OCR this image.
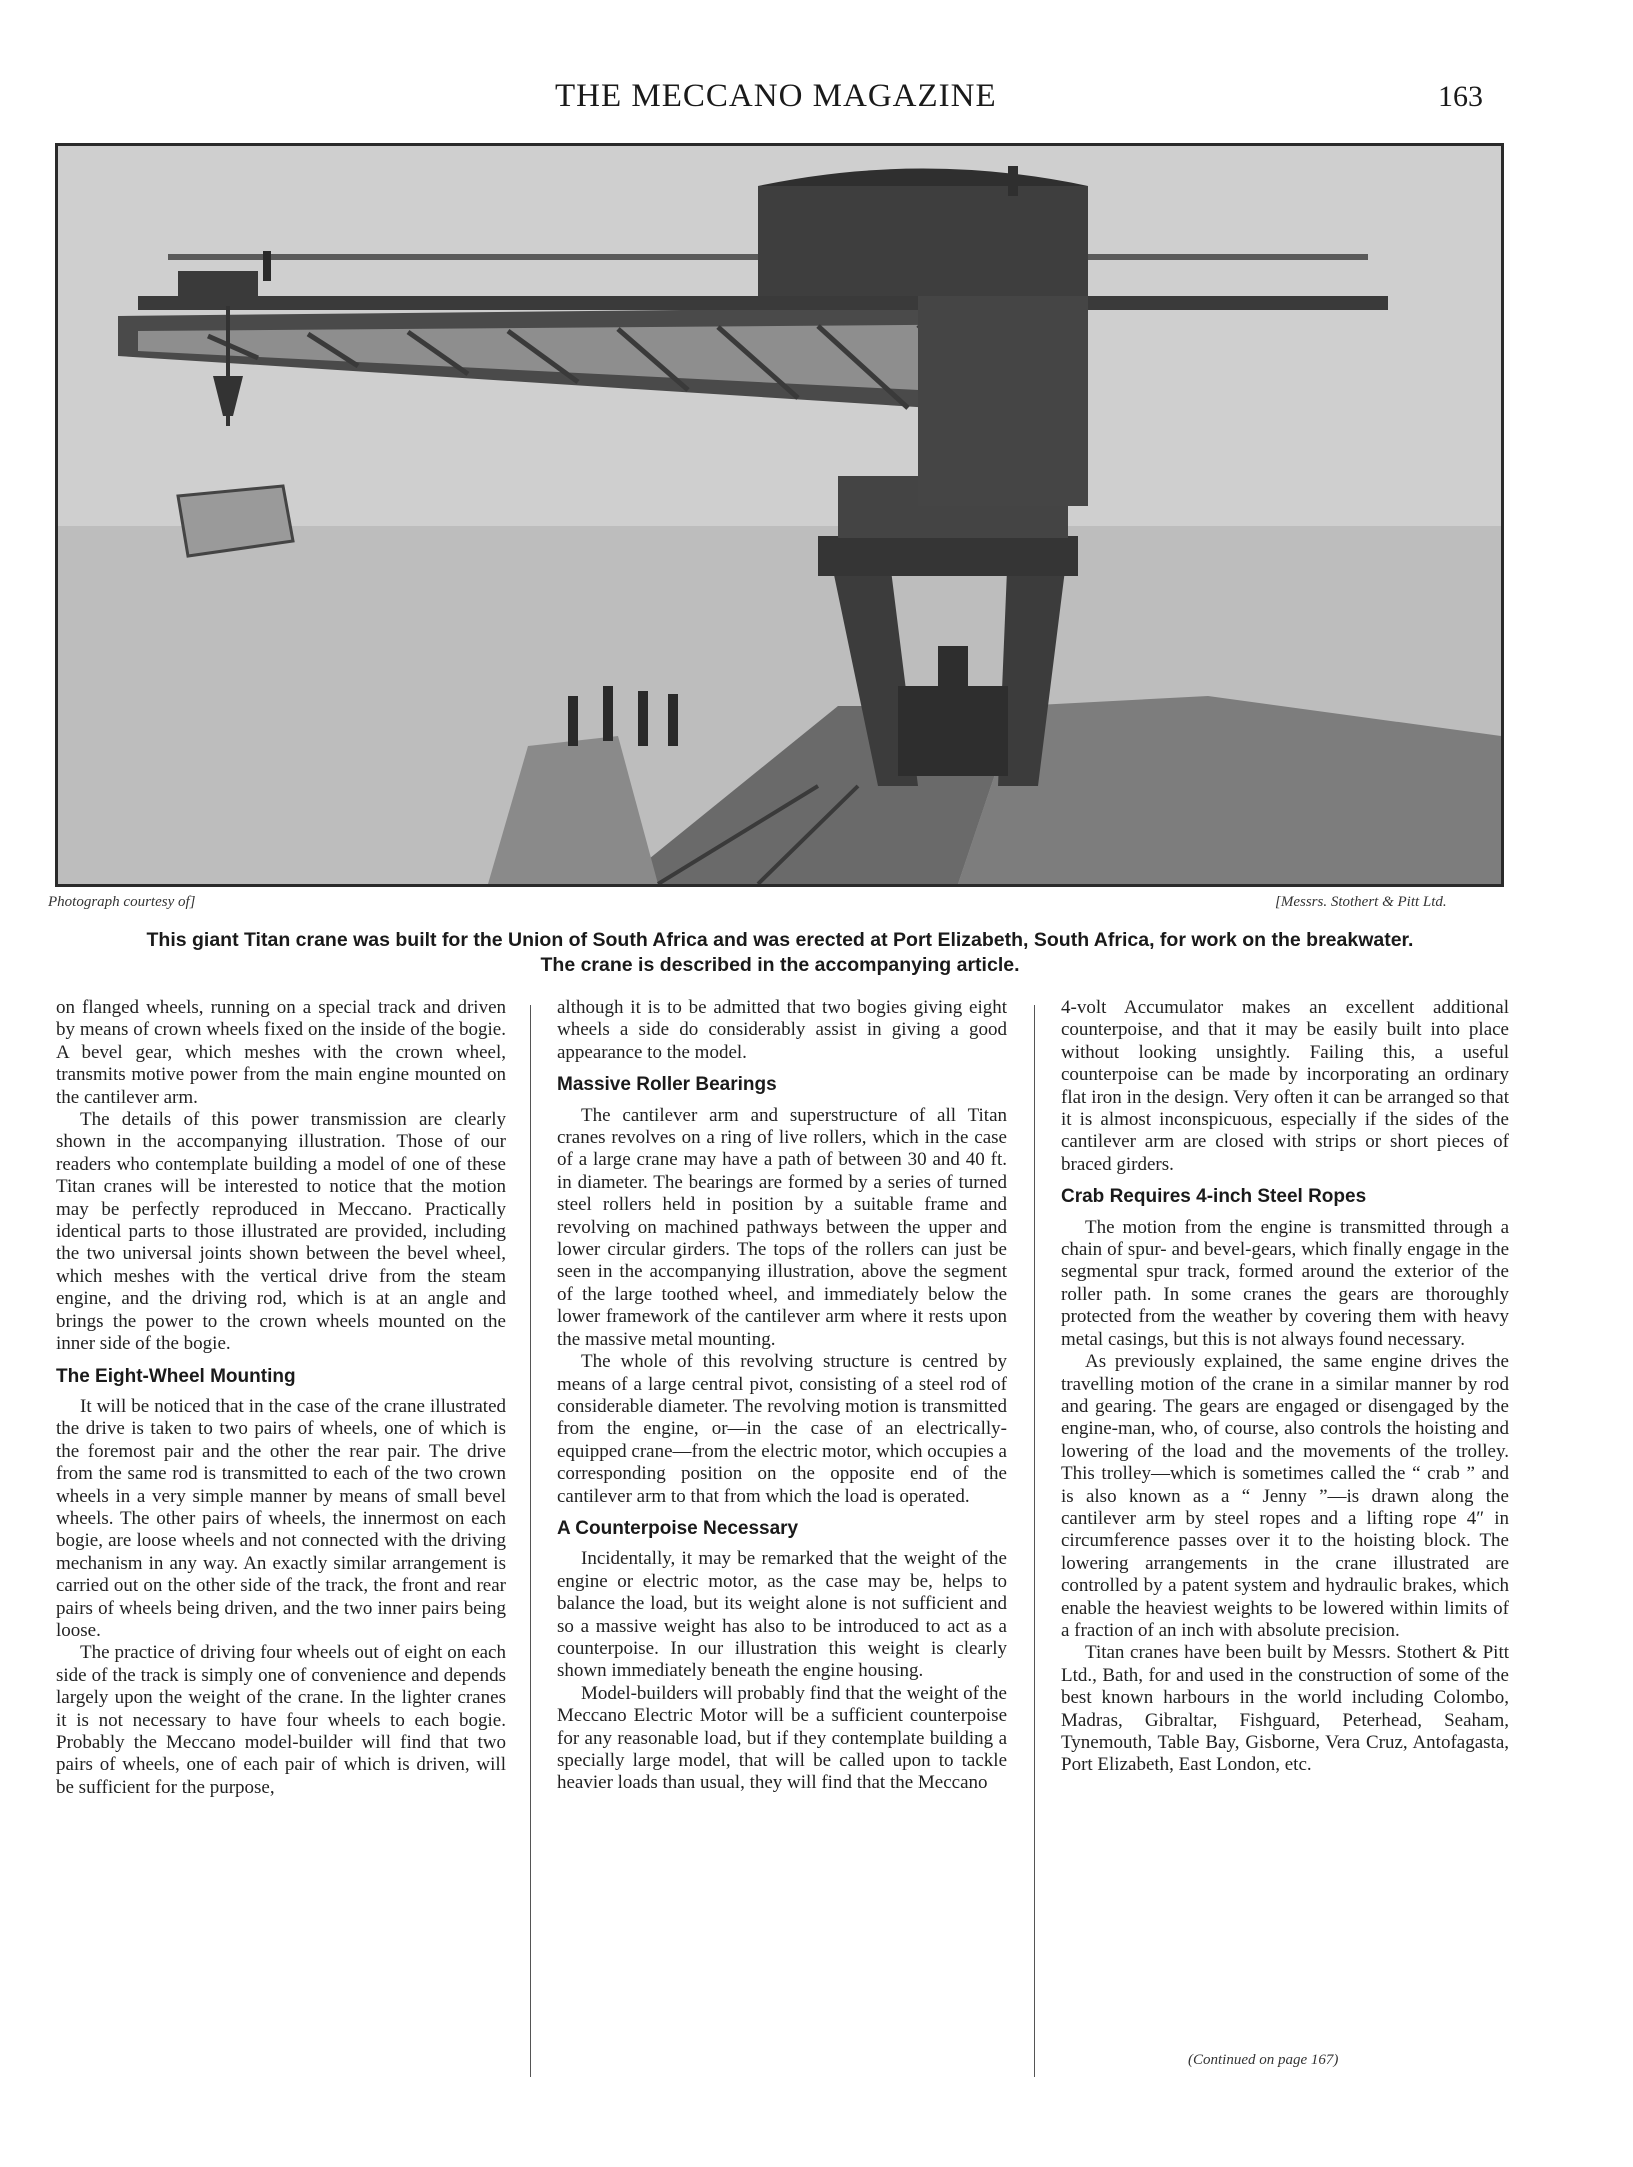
THE MECCANO MAGAZINE	163
Photograph courtesy of]	[Messrs. Stothert & Pitt Ltd.

This giant Titan crane was built for the Union of South Africa and was erected at Port Elizabeth, South Africa, for work on the breakwater.

The crane is described in the accompanying article.

on flanged wheels, running on a special track and driven by means of crown wheels fixed on the inside of the bogie. A bevel gear, which meshes with the crown wheel, transmits motive power from the main engine mounted on the cantilever arm.

The details of this power transmission are clearly shown in the accompanying illustration. Those of our readers who contemplate building a model of one of these Titan cranes will be interested to notice that the motion may be perfectly reproduced in Meccano. Practically identical parts to those illustrated are provided, including the two universal joints shown between the bevel wheel, which meshes with the vertical drive from the steam engine, and the driving rod, which is at an angle and brings the power to the crown wheels mounted on the inner side of the bogie.

The Eight-Wheel Mounting

It will be noticed that in the case of the crane illustrated the drive is taken to two pairs of wheels, one of which is the foremost pair and the other the rear pair. The drive from the same rod is transmitted to each of the two crown wheels in a very simple manner by means of small bevel wheels. The other pairs of wheels, the innermost on each bogie, are loose wheels and not connected with the driving mechanism in any way. An exactly similar arrangement is carried out on the other side of the track, the front and rear pairs of wheels being driven, and the two inner pairs being loose.

The practice of driving four wheels out of eight on each side of the track is simply one of convenience and depends largely upon the weight of the crane. In the lighter cranes it is not necessary to have four wheels to each bogie. Probably the Meccano model-builder will find that two pairs of wheels, one of each pair of which is driven, will be sufficient for the purpose,

although it is to be admitted that two bogies giving eight wheels a side do considerably assist in giving a good appearance to the model.

Massive Roller Bearings

The cantilever arm and superstructure of all Titan cranes revolves on a ring of live rollers, which in the case of a large crane may have a path of between 30 and 40 ft. in diameter. The bearings are formed by a series of turned steel rollers held in position by a suitable frame and revolving on machined pathways between the upper and lower circular girders. The tops of the rollers can just be seen in the accompanying illustration, above the segment of the large toothed wheel, and immediately below the lower framework of the cantilever arm where it rests upon the massive metal mounting.

The whole of this revolving structure is centred by means of a large central pivot, consisting of a steel rod of considerable diameter. The revolving motion is transmitted from the engine, or—in the case of an electrically-equipped crane—from the electric motor, which occupies a corresponding position on the opposite end of the cantilever arm to that from which the load is operated.

A Counterpoise Necessary

Incidentally, it may be remarked that the weight of the engine or electric motor, as the case may be, helps to balance the load, but its weight alone is not sufficient and so a massive weight has also to be introduced to act as a counterpoise. In our illustration this weight is clearly shown immediately beneath the engine housing.

Model-builders will probably find that the weight of the Meccano Electric Motor will be a sufficient counterpoise for any reasonable load, but if they contemplate building a specially large model, that will be called upon to tackle heavier loads than usual, they will find that the Meccano

4-volt Accumulator makes an excellent additional counterpoise, and that it may be easily built into place without looking unsightly. Failing this, a useful counterpoise can be made by incorporating an ordinary flat iron in the design. Very often it can be arranged so that it is almost inconspicuous, especially if the sides of the cantilever arm are closed with strips or short pieces of braced girders.

Crab Requires 4-inch Steel Ropes

The motion from the engine is transmitted through a chain of spur- and bevel-gears, which finally engage in the segmental spur track, formed around the exterior of the roller path. In some cranes the gears are thoroughly protected from the weather by covering them with heavy metal casings, but this is not always found necessary.

As previously explained, the same engine drives the travelling motion of the crane in a similar manner by rod and gearing. The gears are engaged or disengaged by the engine-man, who, of course, also controls the hoisting and lowering of the load and the movements of the trolley. This trolley—which is sometimes called the “ crab ” and is also known as a “ Jenny ”—is drawn along the cantilever arm by steel ropes and a lifting rope 4″ in circumference passes over it to the hoisting block. The lowering arrangements in the crane illustrated are controlled by a patent system and hydraulic brakes, which enable the heaviest weights to be lowered within limits of a fraction of an inch with absolute precision.

Titan cranes have been built by Messrs. Stothert & Pitt Ltd., Bath, for and used in the construction of some of the best known harbours in the world including Colombo, Madras, Gibraltar, Fishguard, Peterhead, Seaham, Tynemouth, Table Bay, Gisborne, Vera Cruz, Antofagasta, Port Elizabeth, East London, etc.

(Continued on page 167)
